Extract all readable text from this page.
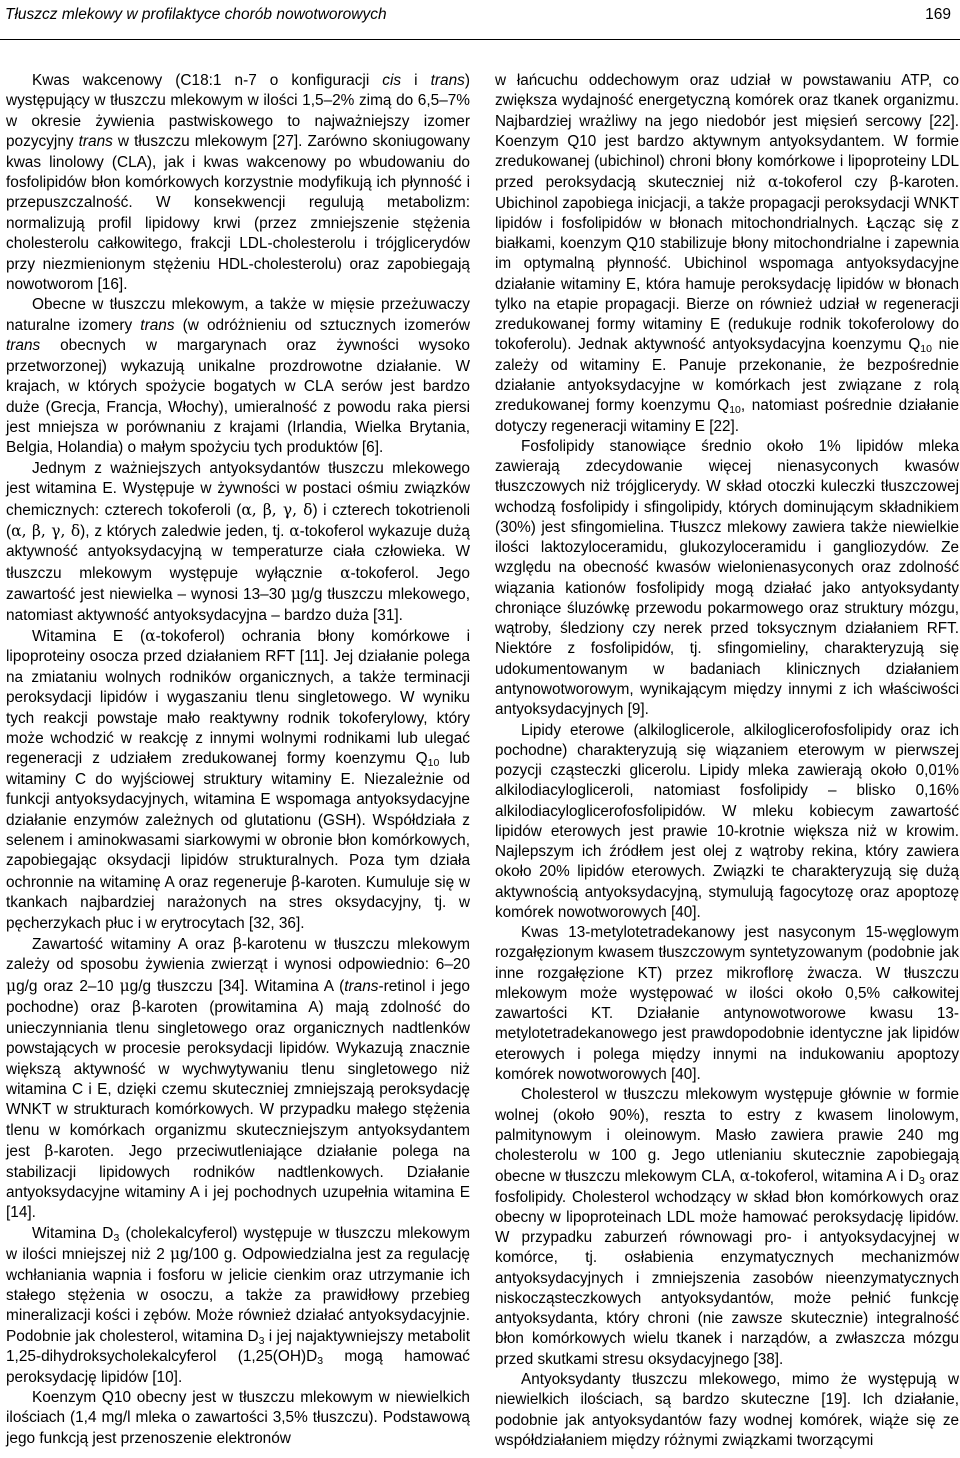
Tłuszcz mlekowy w profilaktyce chorób nowotworowych	169

Kwas wakcenowy (C18:1 n-7 o konfiguracji cis i trans) występujący w tłuszczu mlekowym w ilości 1,5–2% zimą do 6,5–7% w okresie żywienia pastwiskowego to najważniejszy izomer pozycyjny trans w tłuszczu mlekowym [27]. Zarówno skoniugowany kwas linolowy (CLA), jak i kwas wakcenowy po wbudowaniu do fosfolipidów błon komórkowych korzystnie modyfikują ich płynność i przepuszczalność. W konsekwencji regulują metabolizm: normalizują profil lipidowy krwi (przez zmniejszenie stężenia cholesterolu całkowitego, frakcji LDL-cholesterolu i trójglicerydów przy niezmienionym stężeniu HDL-cholesterolu) oraz zapobiegają nowotworom [16].

Obecne w tłuszczu mlekowym, a także w mięsie przeżuwaczy naturalne izomery trans (w odróżnieniu od sztucznych izomerów trans obecnych w margarynach oraz żywności wysoko przetworzonej) wykazują unikalne prozdrowotne działanie. W krajach, w których spożycie bogatych w CLA serów jest bardzo duże (Grecja, Francja, Włochy), umieralność z powodu raka piersi jest mniejsza w porównaniu z krajami (Irlandia, Wielka Brytania, Belgia, Holandia) o małym spożyciu tych produktów [6].

Jednym z ważniejszych antyoksydantów tłuszczu mlekowego jest witamina E. Występuje w żywności w postaci ośmiu związków chemicznych: czterech tokoferoli (α, β, γ, δ) i czterech tokotrienoli (α, β, γ, δ), z których zaledwie jeden, tj. α-tokoferol wykazuje dużą aktywność antyoksydacyjną w temperaturze ciała człowieka. W tłuszczu mlekowym występuje wyłącznie α-tokoferol. Jego zawartość jest niewielka – wynosi 13–30 μg/g tłuszczu mlekowego, natomiast aktywność antyoksydacyjna – bardzo duża [31].

Witamina E (α-tokoferol) ochrania błony komórkowe i lipoproteiny osocza przed działaniem RFT [11]. Jej działanie polega na zmiataniu wolnych rodników organicznych, a także terminacji peroksydacji lipidów i wygaszaniu tlenu singletowego. W wyniku tych reakcji powstaje mało reaktywny rodnik tokoferylowy, który może wchodzić w reakcję z innymi wolnymi rodnikami lub ulegać regeneracji z udziałem zredukowanej formy koenzymu $Q_{10}$ lub witaminy C do wyjściowej struktury witaminy E. Niezależnie od funkcji antyoksydacyjnych, witamina E wspomaga antyoksydacyjne działanie enzymów zależnych od glutationu (GSH). Współdziała z selenem i aminokwasami siarkowymi w obronie błon komórkowych, zapobiegając oksydacji lipidów strukturalnych. Poza tym działa ochronnie na witaminę A oraz regeneruje β-karoten. Kumuluje się w tkankach najbardziej narażonych na stres oksydacyjny, tj. w pęcherzykach płuc i w erytrocytach [32, 36].

Zawartość witaminy A oraz β-karotenu w tłuszczu mlekowym zależy od sposobu żywienia zwierząt i wynosi odpowiednio: 6–20 μg/g oraz 2–10 μg/g tłuszczu [34]. Witamina A (trans-retinol i jego pochodne) oraz β-karoten (prowitamina A) mają zdolność do unieczynniania tlenu singletowego oraz organicznych nadtlenków powstających w procesie peroksydacji lipidów. Wykazują znacznie większą aktywność w wychwytywaniu tlenu singletowego niż witamina C i E, dzięki czemu skuteczniej zmniejszają peroksydację WNKT w strukturach komórkowych. W przypadku małego stężenia tlenu w komórkach organizmu skuteczniejszym antyoksydantem jest β-karoten. Jego przeciwutleniające działanie polega na stabilizacji lipidowych rodników nadtlenkowych. Działanie antyoksydacyjne witaminy A i jej pochodnych uzupełnia witamina E [14].

Witamina $D_3$ (cholekalcyferol) występuje w tłuszczu mlekowym w ilości mniejszej niż 2 μg/100 g. Odpowiedzialna jest za regulację wchłaniania wapnia i fosforu w jelicie cienkim oraz utrzymanie ich stałego stężenia w osoczu, a także za prawidłowy przebieg mineralizacji kości i zębów. Może również działać antyoksydacyjnie. Podobnie jak cholesterol, witamina $D_3$ i jej najaktywniejszy metabolit 1,25-dihydroksycholekalcyferol ($1,25(OH)D_3$ mogą hamować peroksydację lipidów [10].

Koenzym Q10 obecny jest w tłuszczu mlekowym w niewielkich ilościach (1,4 mg/l mleka o zawartości 3,5% tłuszczu). Podstawową jego funkcją jest przenoszenie elektronów

w łańcuchu oddechowym oraz udział w powstawaniu ATP, co zwiększa wydajność energetyczną komórek oraz tkanek organizmu. Najbardziej wrażliwy na jego niedobór jest mięsień sercowy [22]. Koenzym Q10 jest bardzo aktywnym antyoksydantem. W formie zredukowanej (ubichinol) chroni błony komórkowe i lipoproteiny LDL przed peroksydacją skuteczniej niż α-tokoferol czy β-karoten. Ubichinol zapobiega inicjacji, a także propagacji peroksydacji WNKT lipidów i fosfolipidów w błonach mitochondrialnych. Łącząc się z białkami, koenzym Q10 stabilizuje błony mitochondrialne i zapewnia im optymalną płynność. Ubichinol wspomaga antyoksydacyjne działanie witaminy E, która hamuje peroksydację lipidów w błonach tylko na etapie propagacji. Bierze on również udział w regeneracji zredukowanej formy witaminy E (redukuje rodnik tokoferolowy do tokoferolu). Jednak aktywność antyoksydacyjna koenzymu $Q_{10}$ nie zależy od witaminy E. Panuje przekonanie, że bezpośrednie działanie antyoksydacyjne w komórkach jest związane z rolą zredukowanej formy koenzymu $Q_{10}$, natomiast pośrednie działanie dotyczy regeneracji witaminy E [22].

Fosfolipidy stanowiące średnio około 1% lipidów mleka zawierają zdecydowanie więcej nienasyconych kwasów tłuszczowych niż trójglicerydy. W skład otoczki kuleczki tłuszczowej wchodzą fosfolipidy i sfingolipidy, których dominującym składnikiem (30%) jest sfingomielina. Tłuszcz mlekowy zawiera także niewielkie ilości laktozyloceramidu, glukozyloceramidu i gangliozydów. Ze względu na obecność kwasów wielonienasyconych oraz zdolność wiązania kationów fosfolipidy mogą działać jako antyoksydanty chroniące śluzówkę przewodu pokarmowego oraz struktury mózgu, wątroby, śledziony czy nerek przed toksycznym działaniem RFT. Niektóre z fosfolipidów, tj. sfingomieliny, charakteryzują się udokumentowanym w badaniach klinicznych działaniem antynowotworowym, wynikającym między innymi z ich właściwości antyoksydacyjnych [9].

Lipidy eterowe (alkiloglicerole, alkiloglicerofosfolipidy oraz ich pochodne) charakteryzują się wiązaniem eterowym w pierwszej pozycji cząsteczki glicerolu. Lipidy mleka zawierają około 0,01% alkilodiacylogliceroli, natomiast fosfolipidy – blisko 0,16% alkilodiacyloglicerofosfolipidów. W mleku kobiecym zawartość lipidów eterowych jest prawie 10-krotnie większa niż w krowim. Najlepszym ich źródłem jest olej z wątroby rekina, który zawiera około 20% lipidów eterowych. Związki te charakteryzują się dużą aktywnością antyoksydacyjną, stymulują fagocytozę oraz apoptozę komórek nowotworowych [40].

Kwas 13-metylotetradekanowy jest nasyconym 15-węglowym rozgałęzionym kwasem tłuszczowym syntetyzowanym (podobnie jak inne rozgałęzione KT) przez mikroflorę żwacza. W tłuszczu mlekowym może występować w ilości około 0,5% całkowitej zawartości KT. Działanie antynowotworowe kwasu 13-metylotetradekanowego jest prawdopodobnie identyczne jak lipidów eterowych i polega między innymi na indukowaniu apoptozy komórek nowotworowych [40].

Cholesterol w tłuszczu mlekowym występuje głównie w formie wolnej (około 90%), reszta to estry z kwasem linolowym, palmitynowym i oleinowym. Masło zawiera prawie 240 mg cholesterolu w 100 g. Jego utlenianiu skutecznie zapobiegają obecne w tłuszczu mlekowym CLA, α-tokoferol, witamina A i $D_3$ oraz fosfolipidy. Cholesterol wchodzący w skład błon komórkowych oraz obecny w lipoproteinach LDL może hamować peroksydację lipidów. W przypadku zaburzeń równowagi pro- i antyoksydacyjnej w komórce, tj. osłabienia enzymatycznych mechanizmów antyoksydacyjnych i zmniejszenia zasobów nieenzymatycznych niskocząsteczkowych antyoksydantów, może pełnić funkcję antyoksydanta, który chroni (nie zawsze skutecznie) integralność błon komórkowych wielu tkanek i narządów, a zwłaszcza mózgu przed skutkami stresu oksydacyjnego [38].

Antyoksydanty tłuszczu mlekowego, mimo że występują w niewielkich ilościach, są bardzo skuteczne [19]. Ich działanie, podobnie jak antyoksydantów fazy wodnej komórek, wiąże się ze współdziałaniem między różnymi związkami tworzącymi
